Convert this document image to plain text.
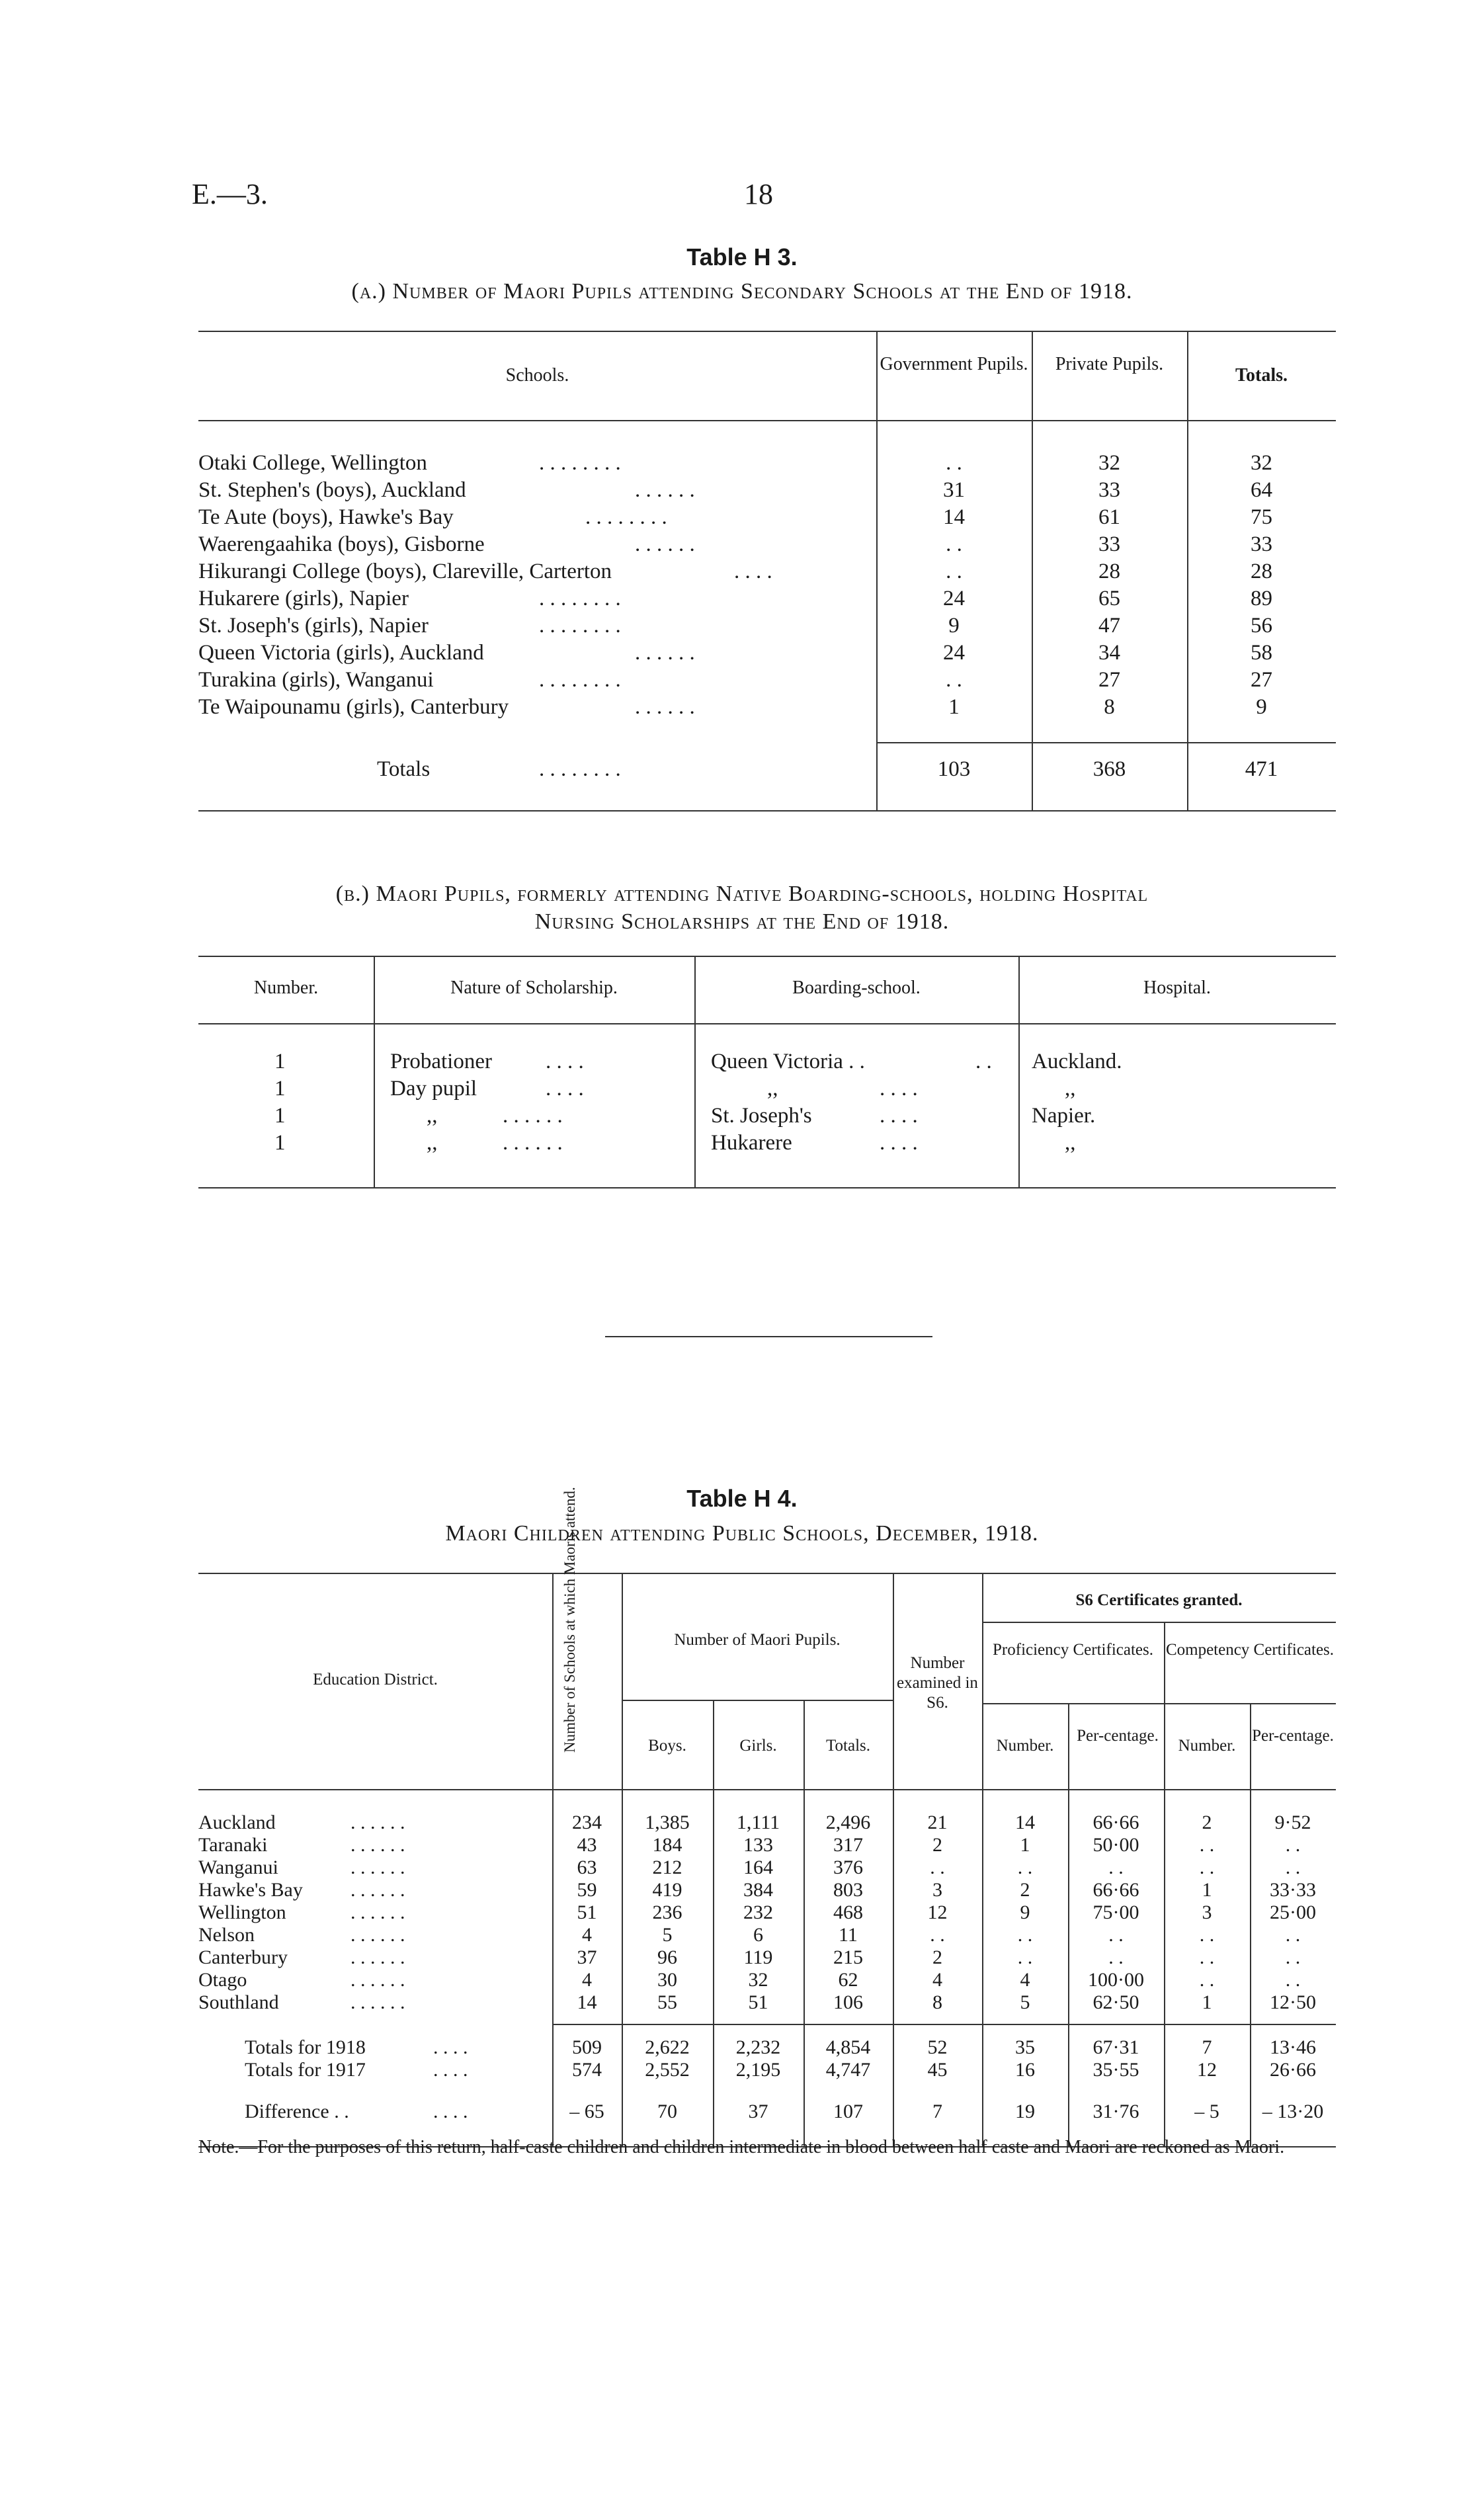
E.—3.	18
Table H 3.
(a.) Number of Maori Pupils attending Secondary Schools at the End of 1918.
Schools.
Government Pupils.	Private Pupils.
Totals.
Otaki College, Wellington	. . . . . . . .	. .	32	32
St. Stephen's (boys), Auckland	. . . . . .	31	33	64
Te Aute (boys), Hawke's Bay	. . . . . . . .	14	61	75
Waerengaahika (boys), Gisborne	. . . . . .	. .	33	33
Hikurangi College (boys), Clareville, Carterton	. . . .	. .	28	28
Hukarere (girls), Napier	. . . . . . . .	24	65	89
St. Joseph's (girls), Napier	. . . . . . . .	9	47	56
Queen Victoria (girls), Auckland	. . . . . .	24	34	58
Turakina (girls), Wanganui	. . . . . . . .	. .	27	27
Te Waipounamu (girls), Canterbury	. . . . . .	1	8	9
Totals	. . . . . . . .	103	368	471
(b.) Maori Pupils, formerly attending Native Boarding-schools, holding Hospital
Nursing Scholarships at the End of 1918.
Number.	Nature of Scholarship.	Boarding-school.	Hospital.
1	Probationer . . . .	Queen Victoria . .	. . Auckland.
1	Day pupil	. . . .	,,	. . . .	,,
1	,,	. . . . . .	St. Joseph's	. . . .	Napier.
1	,,	. . . . . .	Hukarere	. . . .	,,
Table H 4.
Maori Children attending Public Schools, December, 1918.
Education District.	Number of Schools at which Maoris attend.	Number of Maori Pupils.
Boys.	Girls.	Totals.
Number examined in S6.
S6 Certificates granted.
Proficiency Certificates. Competency Certificates.
Number.
Per-centage.
Number.
Per-centage.
Auckland	. . . . . .	234	1,385	1,111	2,496	21	14	66·66	2	9·52
Taranaki	. . . . . .	43	184	133	317	2	1	50·00	. .	. .
Wanganui	. . . . . .	63	212	164	376	. .	. .	. .	. .	. .
Hawke's Bay . . . . . .	59	419	384	803	3	2	66·66	1	33·33
Wellington	. . . . . .	51	236	232	468	12	9	75·00	3	25·00
Nelson	. . . . . .	4	5	6	11	. .	. .	. .	. .	. .
Canterbury	. . . . . .	37	96	119	215	2	. .	. .	. .	. .
Otago	. . . . . .	4	30	32	62	4	4	100·00	. .	. .
Southland	. . . . . .	14	55	51	106	8	5	62·50	1	12·50
Totals for 1918	. . . .	509	2,622	2,232	4,854	52	35	67·31	7	13·46
Totals for 1917	. . . .	574	2,552	2,195	4,747	45	16	35·55	12	26·66
Difference . .	. . . .	– 65	70	37	107	7	19	31·76	– 5	– 13·20
Note.—For the purposes of this return, half-caste children and children intermediate in blood between half caste and Maori are reckoned as Maori.
